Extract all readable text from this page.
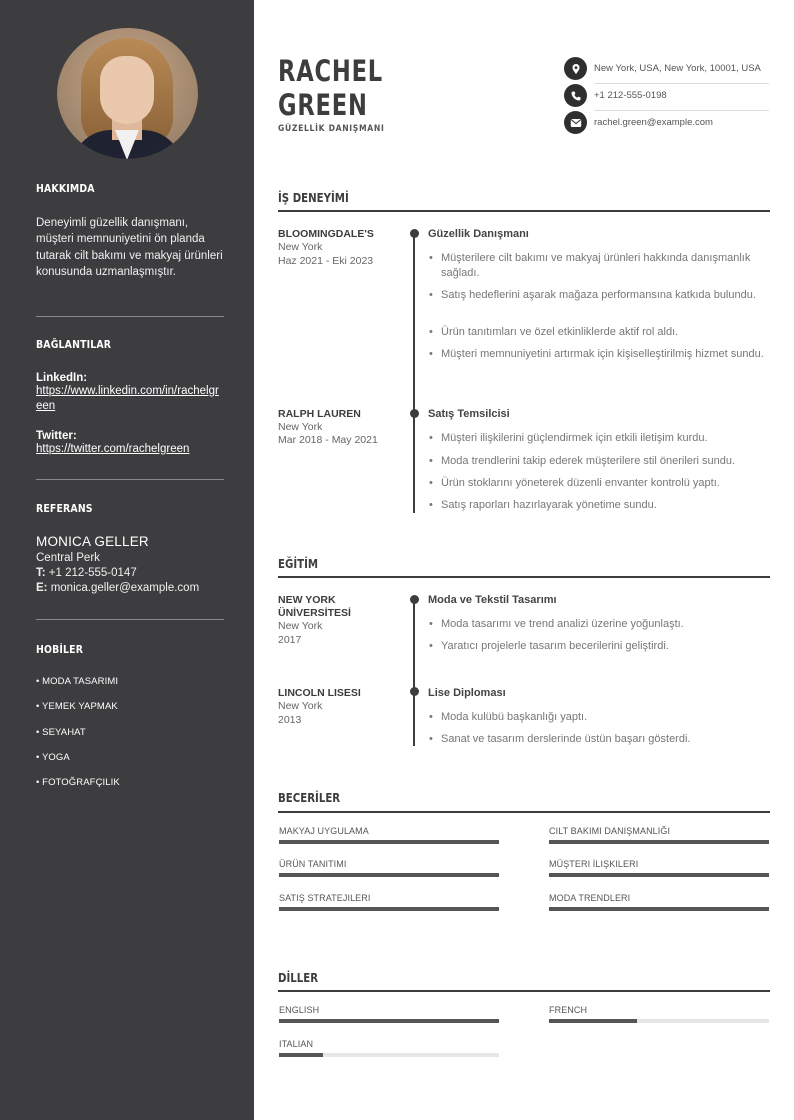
HAKKIMDA
Deneyimli güzellik danışmanı, müşteri memnuniyetini ön planda tutarak cilt bakımı ve makyaj ürünleri konusunda uzmanlaşmıştır.
BAĞLANTILAR
LinkedIn:
https://www.linkedin.com/in/rachelgreen
Twitter:
https://twitter.com/rachelgreen
REFERANS
MONICA GELLER
Central Perk
T: +1 212-555-0147
E: monica.geller@example.com
HOBİLER
• MODA TASARIMI
• YEMEK YAPMAK
• SEYAHAT
• YOGA
• FOTOĞRAFÇILIK
RACHEL
GREEN
GÜZELLİK DANIŞMANI
New York, USA, New York, 10001, USA
+1 212-555-0198
rachel.green@example.com
İŞ DENEYİMİ
BLOOMINGDALE'S
New York
Haz 2021 - Eki 2023
Güzellik Danışmanı
• Müşterilere cilt bakımı ve makyaj ürünleri hakkında danışmanlık sağladı.
• Satış hedeflerini aşarak mağaza performansına katkıda bulundu.
• Ürün tanıtımları ve özel etkinliklerde aktif rol aldı.
• Müşteri memnuniyetini artırmak için kişiselleştirilmiş hizmet sundu.
RALPH LAUREN
New York
Mar 2018 - May 2021
Satış Temsilcisi
• Müşteri ilişkilerini güçlendirmek için etkili iletişim kurdu.
• Moda trendlerini takip ederek müşterilere stil önerileri sundu.
• Ürün stoklarını yöneterek düzenli envanter kontrolü yaptı.
• Satış raporları hazırlayarak yönetime sundu.
EĞİTİM
NEW YORK ÜNİVERSİTESİ
New York
2017
Moda ve Tekstil Tasarımı
• Moda tasarımı ve trend analizi üzerine yoğunlaştı.
• Yaratıcı projelerle tasarım becerilerini geliştirdi.
LINCOLN LISESI
New York
2013
Lise Diploması
• Moda kulübü başkanlığı yaptı.
• Sanat ve tasarım derslerinde üstün başarı gösterdi.
BECERİLER
MAKYAJ UYGULAMA	CILT BAKIMI DANIŞMANLIĞI
ÜRÜN TANITIMI	MÜŞTERI İLIŞKILERI
SATIŞ STRATEJILERI	MODA TRENDLERI
DİLLER
ENGLISH	FRENCH
ITALIAN
